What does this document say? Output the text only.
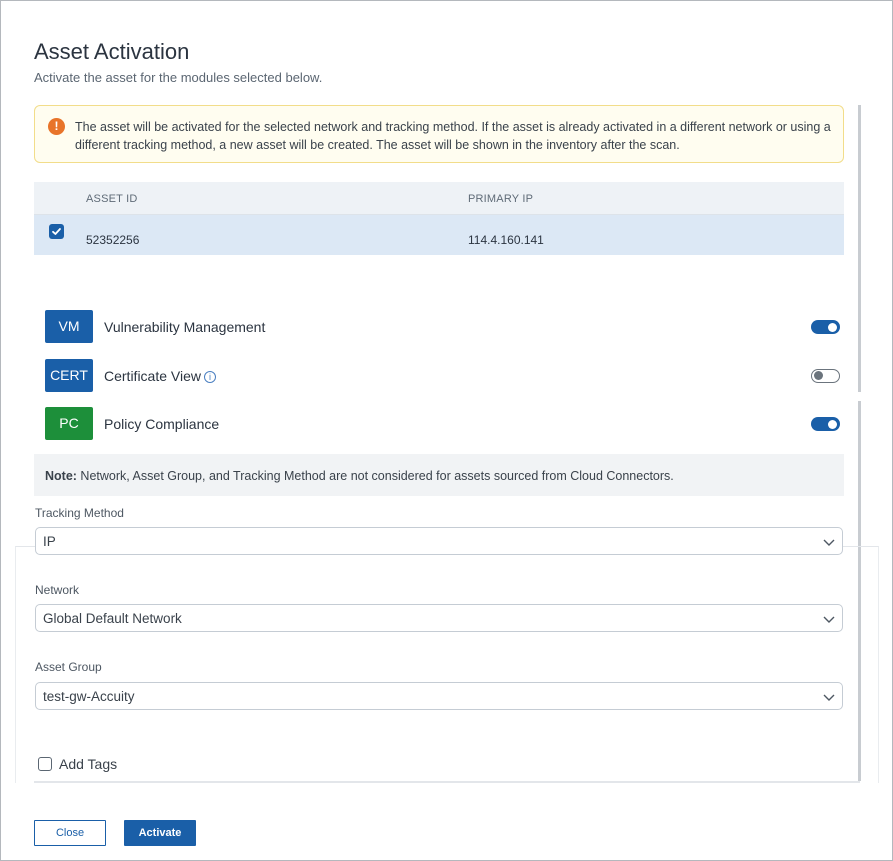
Asset Activation
Activate the asset for the modules selected below.
!	The asset will be activated for the selected network and tracking method. If the asset is already activated in a different network or using a different tracking method, a new asset will be created. The asset will be shown in the inventory after the scan.
ASSET ID	PRIMARY IP
52352256	114.4.160.141
VM	Vulnerability Management
CERT	Certificate View i
PC	Policy Compliance
Note: Network, Asset Group, and Tracking Method are not considered for assets sourced from Cloud Connectors.
Tracking Method
IP
Network
Global Default Network
Asset Group
test-gw-Accuity
Add Tags
Close	Activate
